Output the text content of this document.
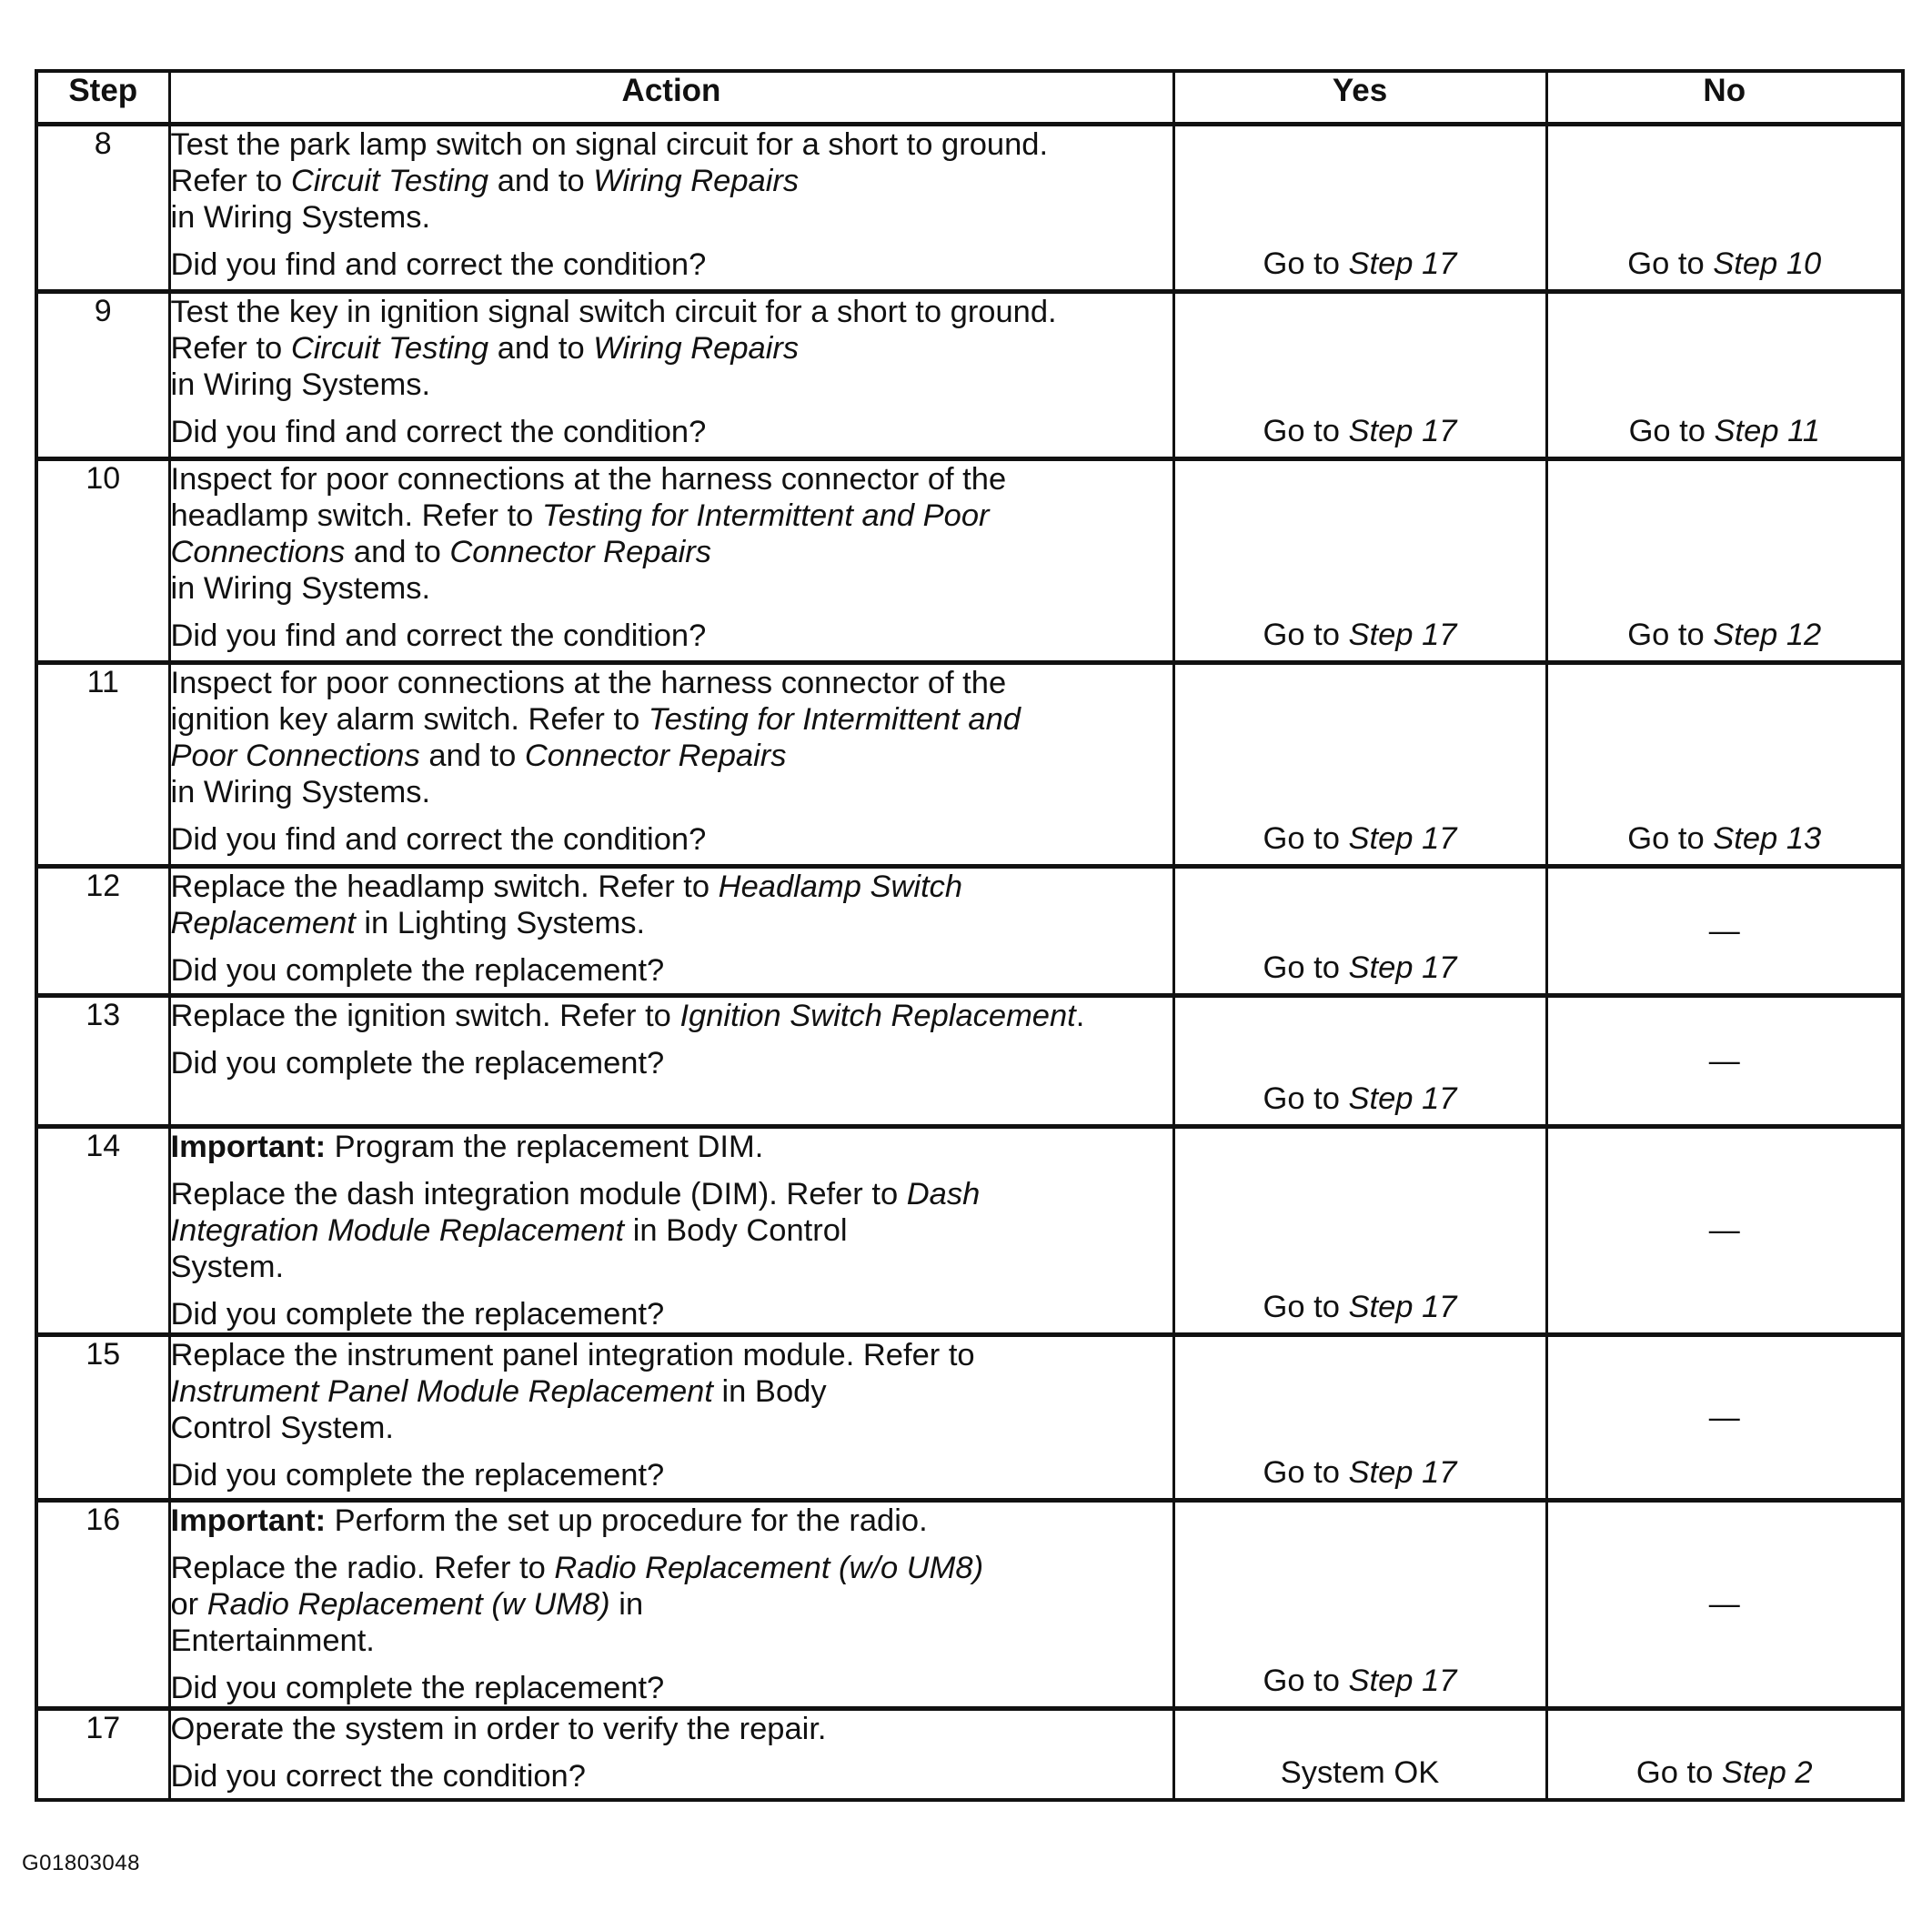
Step	Action	Yes	No
8	Test the park lamp switch on signal circuit for a short to ground.
Refer to Circuit Testing and to Wiring Repairs
in Wiring Systems.
Did you find and correct the condition?	Go to Step 17	Go to Step 10

9	Test the key in ignition signal switch circuit for a short to ground.
Refer to Circuit Testing and to Wiring Repairs
in Wiring Systems.
Did you find and correct the condition?	Go to Step 17	Go to Step 11

10	Inspect for poor connections at the harness connector of the
headlamp switch. Refer to Testing for Intermittent and Poor
Connections and to Connector Repairs
in Wiring Systems.
Did you find and correct the condition?	Go to Step 17	Go to Step 12

11	Inspect for poor connections at the harness connector of the
ignition key alarm switch. Refer to Testing for Intermittent and
Poor Connections and to Connector Repairs
in Wiring Systems.
Did you find and correct the condition?	Go to Step 17	Go to Step 13

12	Replace the headlamp switch. Refer to Headlamp Switch
Replacement in Lighting Systems.
Did you complete the replacement?	Go to Step 17	—

13	Replace the ignition switch. Refer to Ignition Switch Replacement.
Did you complete the replacement?	Go to Step 17	—

14	Important: Program the replacement DIM.
Replace the dash integration module (DIM). Refer to Dash
Integration Module Replacement in Body Control
System.
Did you complete the replacement?	Go to Step 17	—

15	Replace the instrument panel integration module. Refer to
Instrument Panel Module Replacement in Body
Control System.
Did you complete the replacement?	Go to Step 17	—

16	Important: Perform the set up procedure for the radio.
Replace the radio. Refer to Radio Replacement (w/o UM8)
or Radio Replacement (w UM8) in
Entertainment.
Did you complete the replacement?	Go to Step 17	—

17	Operate the system in order to verify the repair.
Did you correct the condition?	System OK	Go to Step 2
G01803048
